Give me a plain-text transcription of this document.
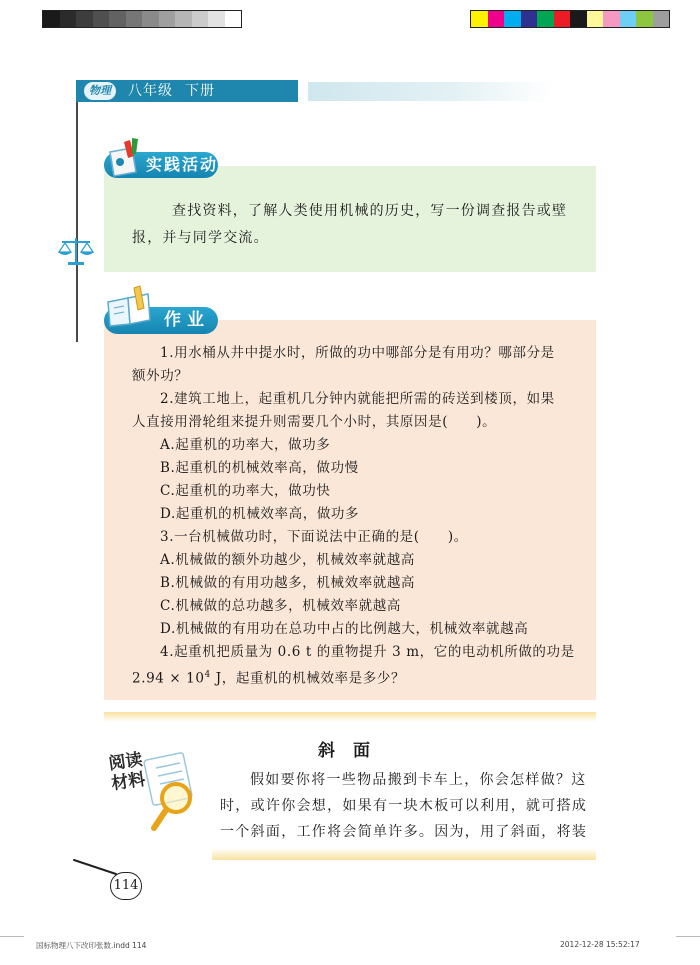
物理	八年级 下册
实践活动
查找资料，了解人类使用机械的历史，写一份调查报告或壁
报，并与同学交流。
作业
1.用水桶从井中提水时，所做的功中哪部分是有用功？哪部分是
额外功？
2.建筑工地上，起重机几分钟内就能把所需的砖送到楼顶，如果
人直接用滑轮组来提升则需要几个小时，其原因是(　　)。
A.起重机的功率大，做功多
B.起重机的机械效率高，做功慢
C.起重机的功率大，做功快
D.起重机的机械效率高，做功多
3.一台机械做功时，下面说法中正确的是(　　)。
A.机械做的额外功越少，机械效率就越高
B.机械做的有用功越多，机械效率就越高
C.机械做的总功越多，机械效率就越高
D.机械做的有用功在总功中占的比例越大，机械效率就越高
4.起重机把质量为 0.6 t 的重物提升 3 m，它的电动机所做的功是
$2.94 \times 10^4$ J，起重机的机械效率是多少？
阅读
材料
斜面
假如要你将一些物品搬到卡车上，你会怎样做？这
时，或许你会想，如果有一块木板可以利用，就可搭成
一个斜面，工作将会简单许多。因为，用了斜面，将装
114
国标物理八下改印张数.indd 114	2012-12-28 15:52:17
